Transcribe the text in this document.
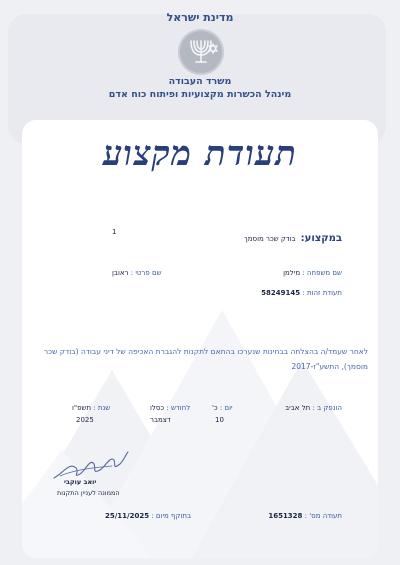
מדינת ישראל
משרד העבודה
מינהל הכשרות מקצועיות ופיתוח כוח אדם
תעודת מקצוע
במקצוע: בודק שכר מוסמך
1
שם משפחה : מילמן
שם פרטי : ראובן
תעודת זהות : 58249145
לאחר שעמד/ה בהצלחה בבחינות שנערכו בהתאם לתקנות להגברת האכיפה של דיני עבודה (בודק שכר מוסמך), התשע"ז-2017
הונפק ב : תל אביב
יום : כ'
10
לחודש : כסלו
דצמבר
שנת : תשפ"ו
2025
יואב עוקבי
הממונה לעניין התקנות
תעודה מס' : 1651328
בתוקף מיום : 25/11/2025
